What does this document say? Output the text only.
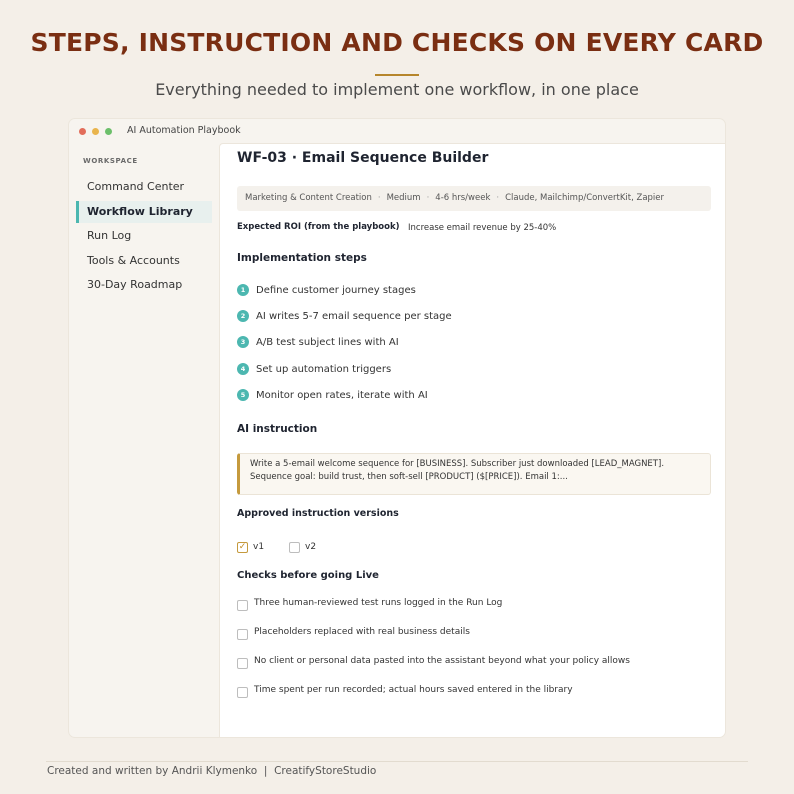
STEPS, INSTRUCTION AND CHECKS ON EVERY CARD
Everything needed to implement one workflow, in one place
AI Automation Playbook
WORKSPACE
Command Center
Workflow Library
Run Log
Tools & Accounts
30-Day Roadmap
WF-03 · Email Sequence Builder
Marketing & Content Creation · Medium · 4-6 hrs/week · Claude, Mailchimp/ConvertKit, Zapier
Expected ROI (from the playbook) Increase email revenue by 25-40%
Implementation steps
1	Define customer journey stages
2	AI writes 5-7 email sequence per stage
3	A/B test subject lines with AI
4	Set up automation triggers
5	Monitor open rates, iterate with AI
AI instruction
Write a 5-email welcome sequence for [BUSINESS]. Subscriber just downloaded [LEAD_MAGNET]. Sequence goal: build trust, then soft-sell [PRODUCT] ($[PRICE]). Email 1:...
Approved instruction versions
✓ v1	v2
Checks before going Live
Three human-reviewed test runs logged in the Run Log
Placeholders replaced with real business details
No client or personal data pasted into the assistant beyond what your policy allows
Time spent per run recorded; actual hours saved entered in the library
Created and written by Andrii Klymenko  |  CreatifyStoreStudio
